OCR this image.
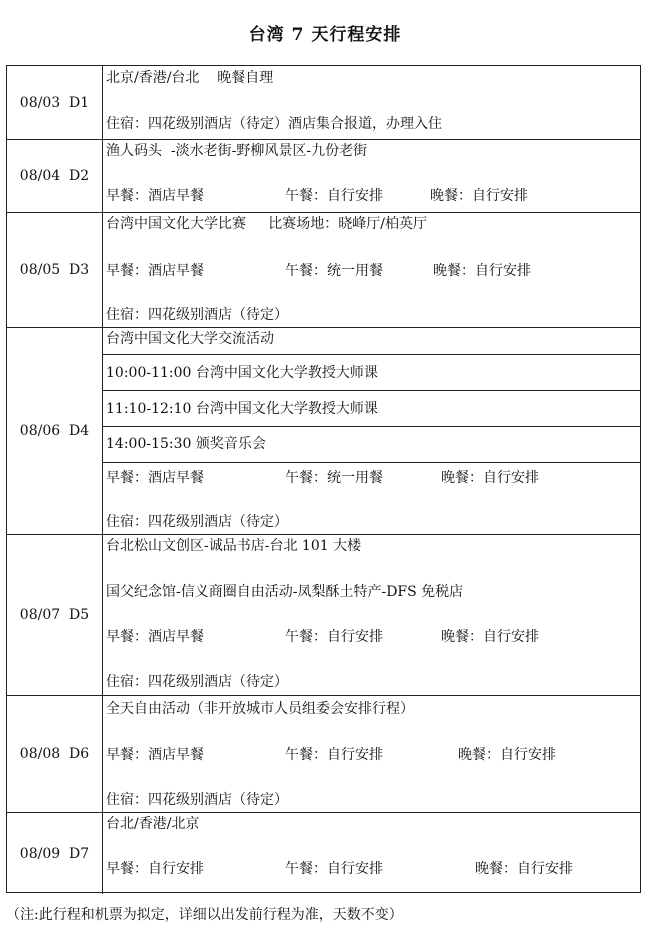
台湾 7 天行程安排
08/03  D1
北京/香港/台北    晚餐自理
住宿：四花级别酒店（待定）酒店集合报道，办理入住
08/04  D2
渔人码头  -淡水老街-野柳风景区-九份老街
早餐：酒店早餐	午餐：自行安排	晚餐：自行安排
08/05  D3
台湾中国文化大学比赛     比赛场地：晓峰厅/柏英厅
早餐：酒店早餐	午餐：统一用餐	晚餐：自行安排
住宿：四花级别酒店（待定）
08/06  D4
台湾中国文化大学交流活动
10:00-11:00 台湾中国文化大学教授大师课
11:10-12:10 台湾中国文化大学教授大师课
14:00-15:30 颁奖音乐会
早餐：酒店早餐	午餐：统一用餐	晚餐：自行安排
住宿：四花级别酒店（待定）
08/07  D5
台北松山文创区-诚品书店-台北 101 大楼
国父纪念馆-信义商圈自由活动-凤梨酥土特产-DFS 免税店
早餐：酒店早餐	午餐：自行安排	晚餐：自行安排
住宿：四花级别酒店（待定）
08/08  D6
全天自由活动（非开放城市人员组委会安排行程）
早餐：酒店早餐	午餐：自行安排	晚餐：自行安排
住宿：四花级别酒店（待定）
08/09  D7
台北/香港/北京
早餐：自行安排	午餐：自行安排	晚餐：自行安排
（注:此行程和机票为拟定，详细以出发前行程为准，天数不变）
